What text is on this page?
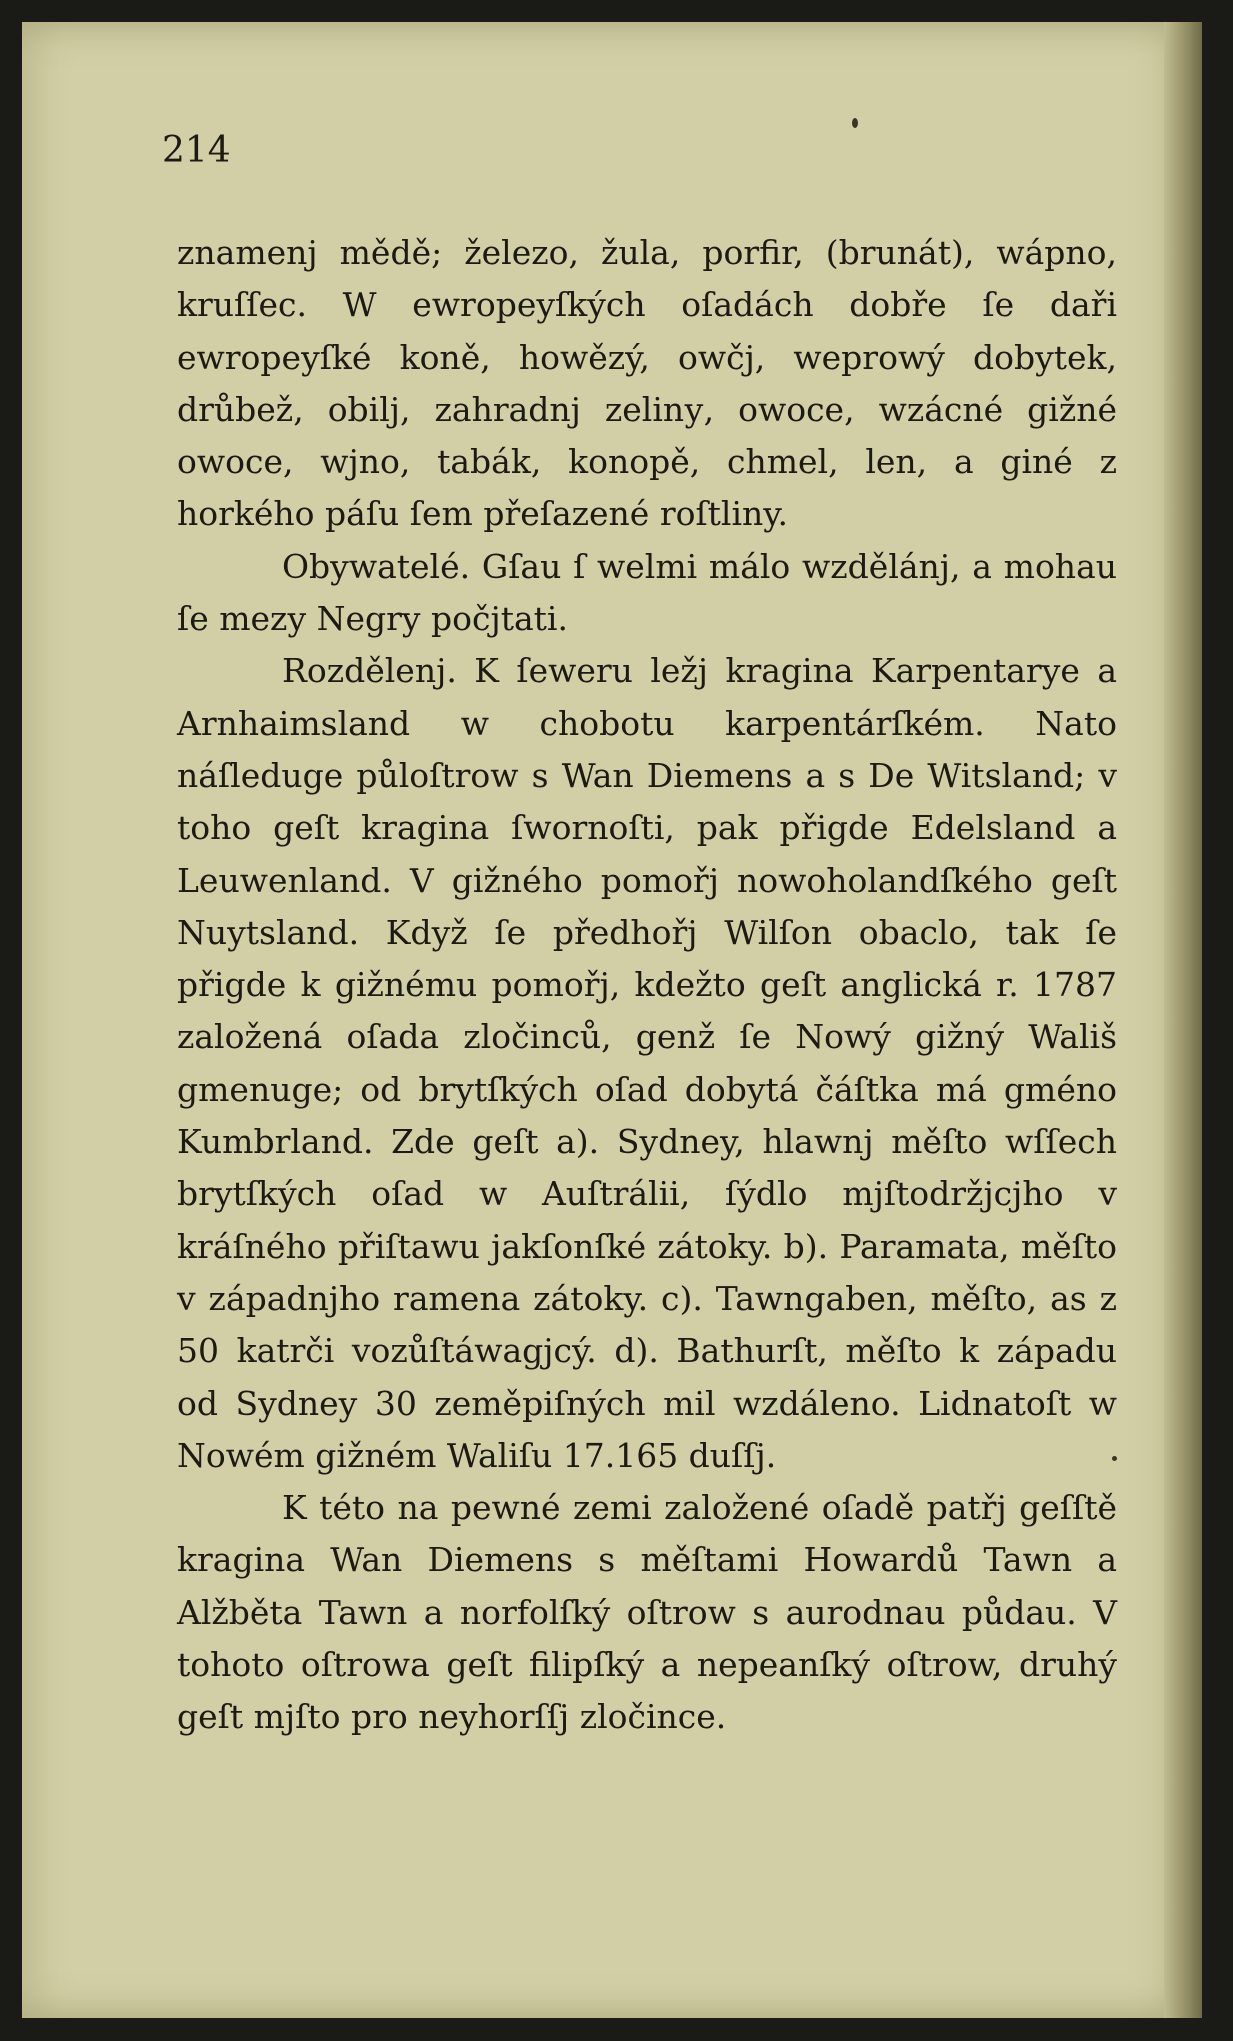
214

znamenj mědě; železo, žula, porfir, (brunát), wápno, kruſſec. W ewropeyſkých oſadách dobře ſe daři ewropeyſké koně, howězý, owčj, weprowý dobytek, drůbež, obilj, zahradnj zelinу, owoce, wzácné gižné owoce, wjno, tabák, konopě, chmel, len, a giné z horkého páſu ſem přeſazené roſtliny.

Obywatelé. Gſau ſ welmi málo wzdělánj, a mohau ſe mezy Negry počjtati.

Rozdělenj. K ſeweru ležj kragina Karpentarye a Arnhaimsland w chobotu karpentárſkém. Nato náſleduge půloſtrow s Wan Diemens a s De Witsland; v toho geſt kragina ſwornoſti, pak přigde Edelsland a Leuwenland. V gižného pomořj nowoholandſkého geſt Nuytsland. Když ſe předhořj Wilſon obaclo, tak ſe přigde k gižnému pomořj, kdežto geſt anglická r. 1787 založená oſada zločinců, genž ſe Nowý gižný Wališ gmenuge; od brytſkých oſad dobytá čáſtka má gméno Kumbrland. Zde geſt a). Sydney, hlawnj měſto wſſech brytſkých oſad w Auſtrálii, ſýdlo mjſtodržjcjho v kráſného přiſtawu jakſonſké zátoky. b). Paramata, měſto v západnjho ramena zátoky. c). Tawngaben, měſto, as z 50 katrči vozůſtáwagjcý. d). Bathurſt, měſto k západu od Sydney 30 zeměpiſných mil wzdáleno. Lidnatoſt w Nowém gižném Waliſu 17.165 duſſj.

K této na pewné zemi založené oſadě patřj geſſtě kragina Wan Diemens s měſtami Howardů Tawn a Alžběta Tawn a norfolſký oſtrow s aurodnau půdau. V tohoto oſtrowa geſt filipſký a nepeanſký oſtrow, druhý geſt mjſto pro neyhorſſj zločince.
